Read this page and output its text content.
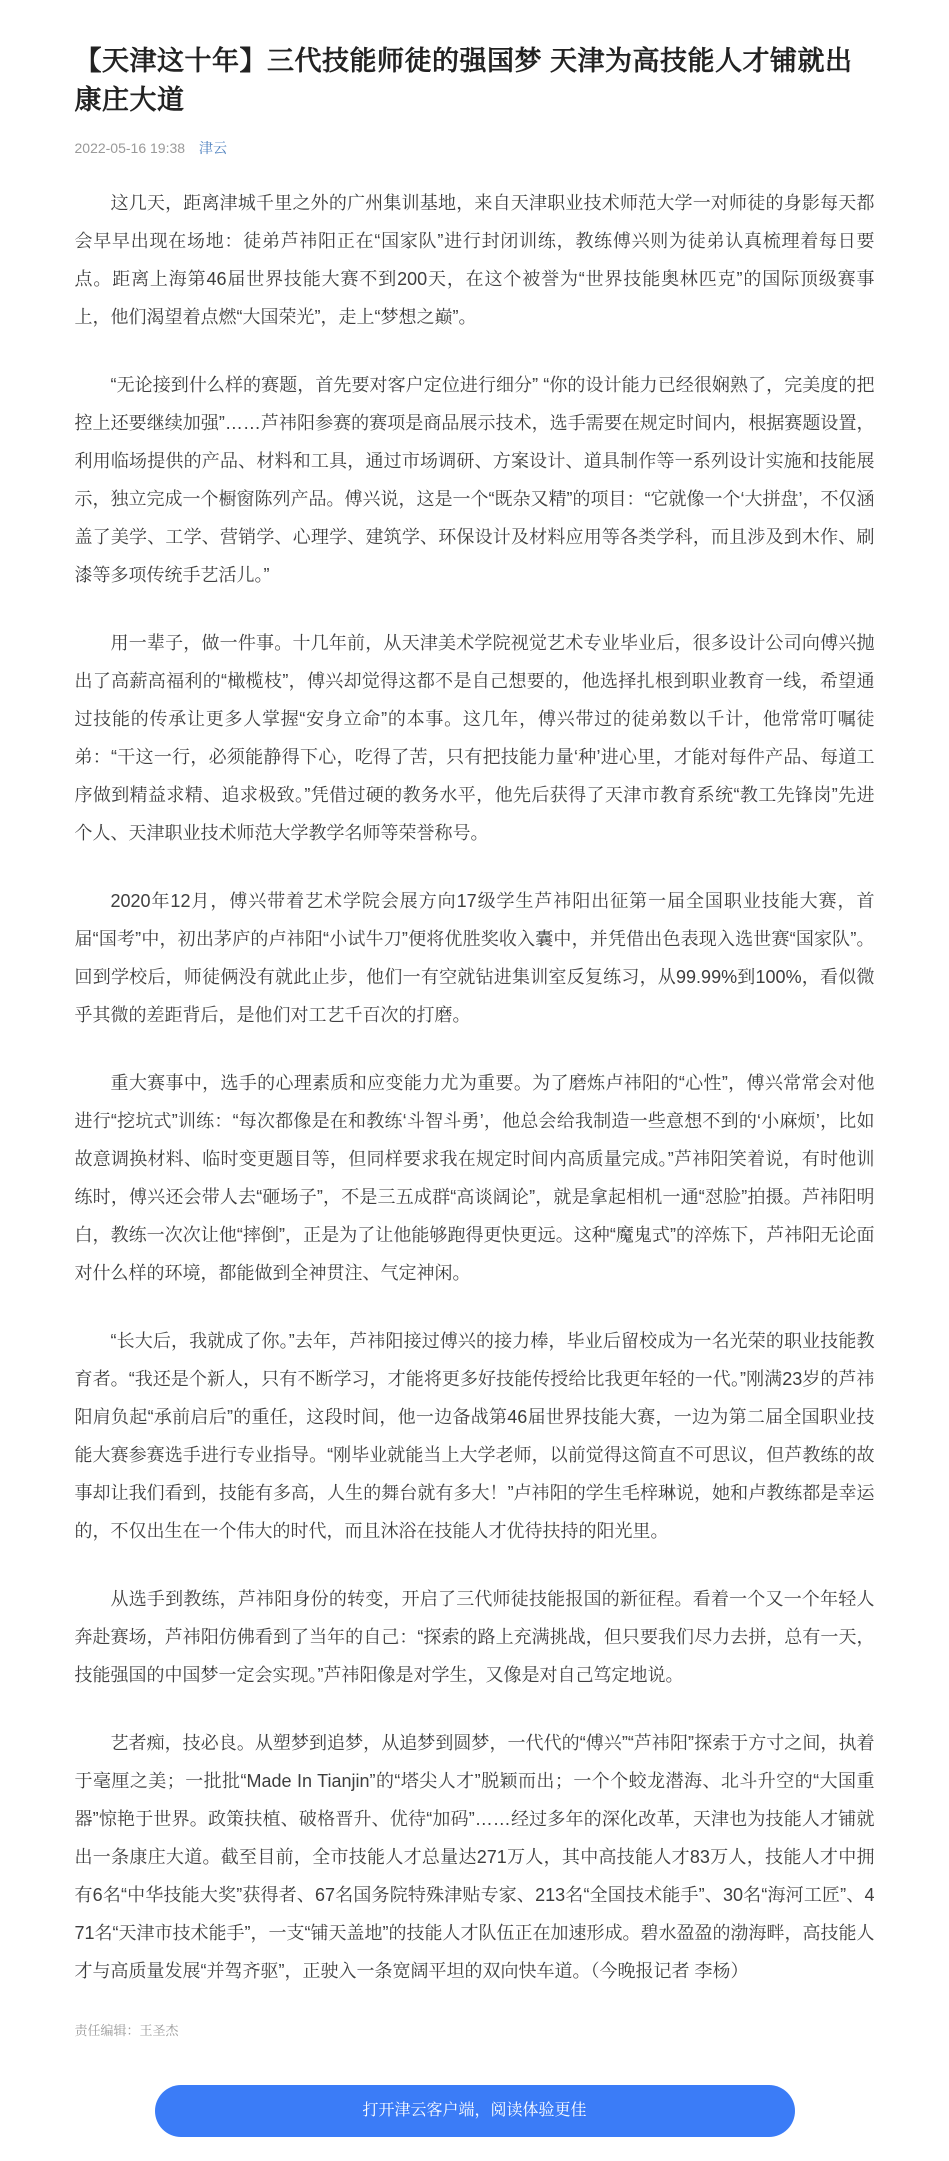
【天津这十年】三代技能师徒的强国梦 天津为高技能人才铺就出康庄大道
2022-05-16 19:38 津云

这几天，距离津城千里之外的广州集训基地，来自天津职业技术师范大学一对师徒的身影每天都会早早出现在场地：徒弟芦祎阳正在“国家队”进行封闭训练，教练傅兴则为徒弟认真梳理着每日要点。距离上海第46届世界技能大赛不到200天，在这个被誉为“世界技能奥林匹克”的国际顶级赛事上，他们渴望着点燃“大国荣光”，走上“梦想之巅”。

“无论接到什么样的赛题，首先要对客户定位进行细分” “你的设计能力已经很娴熟了，完美度的把控上还要继续加强”……芦祎阳参赛的赛项是商品展示技术，选手需要在规定时间内，根据赛题设置，利用临场提供的产品、材料和工具，通过市场调研、方案设计、道具制作等一系列设计实施和技能展示，独立完成一个橱窗陈列产品。傅兴说，这是一个“既杂又精”的项目：“它就像一个‘大拼盘’，不仅涵盖了美学、工学、营销学、心理学、建筑学、环保设计及材料应用等各类学科，而且涉及到木作、刷漆等多项传统手艺活儿。”

用一辈子，做一件事。十几年前，从天津美术学院视觉艺术专业毕业后，很多设计公司向傅兴抛出了高薪高福利的“橄榄枝”，傅兴却觉得这都不是自己想要的，他选择扎根到职业教育一线，希望通过技能的传承让更多人掌握“安身立命”的本事。这几年，傅兴带过的徒弟数以千计，他常常叮嘱徒弟：“干这一行，必须能静得下心，吃得了苦，只有把技能力量‘种’进心里，才能对每件产品、每道工序做到精益求精、追求极致。”凭借过硬的教务水平，他先后获得了天津市教育系统“教工先锋岗”先进个人、天津职业技术师范大学教学名师等荣誉称号。

2020年12月，傅兴带着艺术学院会展方向17级学生芦祎阳出征第一届全国职业技能大赛，首届“国考”中，初出茅庐的卢祎阳“小试牛刀”便将优胜奖收入囊中，并凭借出色表现入选世赛“国家队”。回到学校后，师徒俩没有就此止步，他们一有空就钻进集训室反复练习，从99.99%到100%，看似微乎其微的差距背后，是他们对工艺千百次的打磨。

重大赛事中，选手的心理素质和应变能力尤为重要。为了磨炼卢祎阳的“心性”，傅兴常常会对他进行“挖坑式”训练：“每次都像是在和教练‘斗智斗勇’，他总会给我制造一些意想不到的‘小麻烦’，比如故意调换材料、临时变更题目等，但同样要求我在规定时间内高质量完成。”芦祎阳笑着说，有时他训练时，傅兴还会带人去“砸场子”，不是三五成群“高谈阔论”，就是拿起相机一通“怼脸”拍摄。芦祎阳明白，教练一次次让他“摔倒”，正是为了让他能够跑得更快更远。这种“魔鬼式”的淬炼下，芦祎阳无论面对什么样的环境，都能做到全神贯注、气定神闲。

“长大后，我就成了你。”去年，芦祎阳接过傅兴的接力棒，毕业后留校成为一名光荣的职业技能教育者。“我还是个新人，只有不断学习，才能将更多好技能传授给比我更年轻的一代。”刚满23岁的芦祎阳肩负起“承前启后”的重任，这段时间，他一边备战第46届世界技能大赛，一边为第二届全国职业技能大赛参赛选手进行专业指导。“刚毕业就能当上大学老师，以前觉得这简直不可思议，但芦教练的故事却让我们看到，技能有多高，人生的舞台就有多大！”卢祎阳的学生毛梓琳说，她和卢教练都是幸运的，不仅出生在一个伟大的时代，而且沐浴在技能人才优待扶持的阳光里。

从选手到教练，芦祎阳身份的转变，开启了三代师徒技能报国的新征程。看着一个又一个年轻人奔赴赛场，芦祎阳仿佛看到了当年的自己：“探索的路上充满挑战，但只要我们尽力去拼，总有一天，技能强国的中国梦一定会实现。”芦祎阳像是对学生，又像是对自己笃定地说。

艺者痴，技必良。从塑梦到追梦，从追梦到圆梦，一代代的“傅兴”“芦祎阳”探索于方寸之间，执着于毫厘之美；一批批“Made In Tianjin”的“塔尖人才”脱颖而出；一个个蛟龙潜海、北斗升空的“大国重器”惊艳于世界。政策扶植、破格晋升、优待“加码”……经过多年的深化改革，天津也为技能人才铺就出一条康庄大道。截至目前，全市技能人才总量达271万人，其中高技能人才83万人，技能人才中拥有6名“中华技能大奖”获得者、67名国务院特殊津贴专家、213名“全国技术能手”、30名“海河工匠”、471名“天津市技术能手”，一支“铺天盖地”的技能人才队伍正在加速形成。碧水盈盈的渤海畔，高技能人才与高质量发展“并驾齐驱”，正驶入一条宽阔平坦的双向快车道。（今晚报记者 李杨）

责任编辑：王圣杰
打开津云客户端，阅读体验更佳
